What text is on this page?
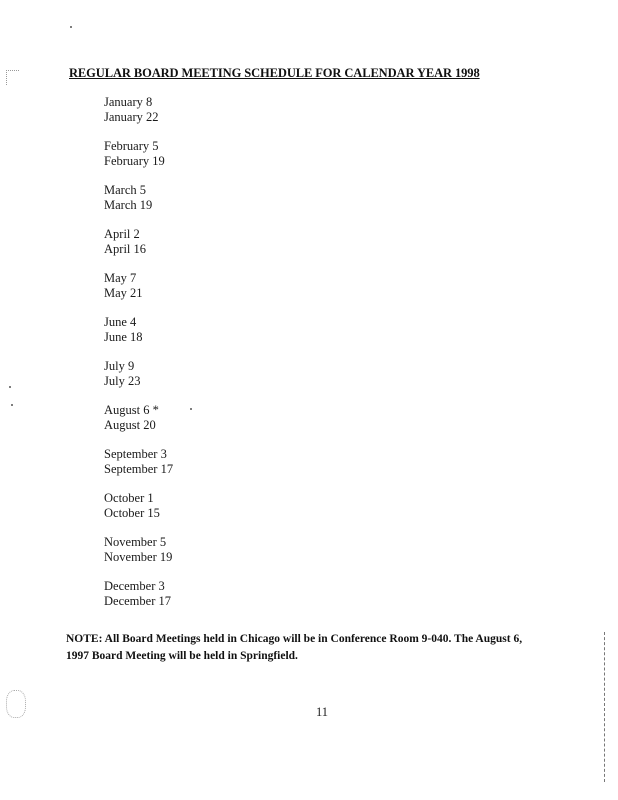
REGULAR BOARD MEETING SCHEDULE FOR CALENDAR YEAR 1998
January 8
January 22
February 5
February 19
March 5
March 19
April 2
April 16
May 7
May 21
June 4
June 18
July 9
July 23
August 6 *
August 20
September 3
September 17
October 1
October 15
November 5
November 19
December 3
December 17
NOTE: All Board Meetings held in Chicago will be in Conference Room 9-040. The August 6, 1997 Board Meeting will be held in Springfield.
11
